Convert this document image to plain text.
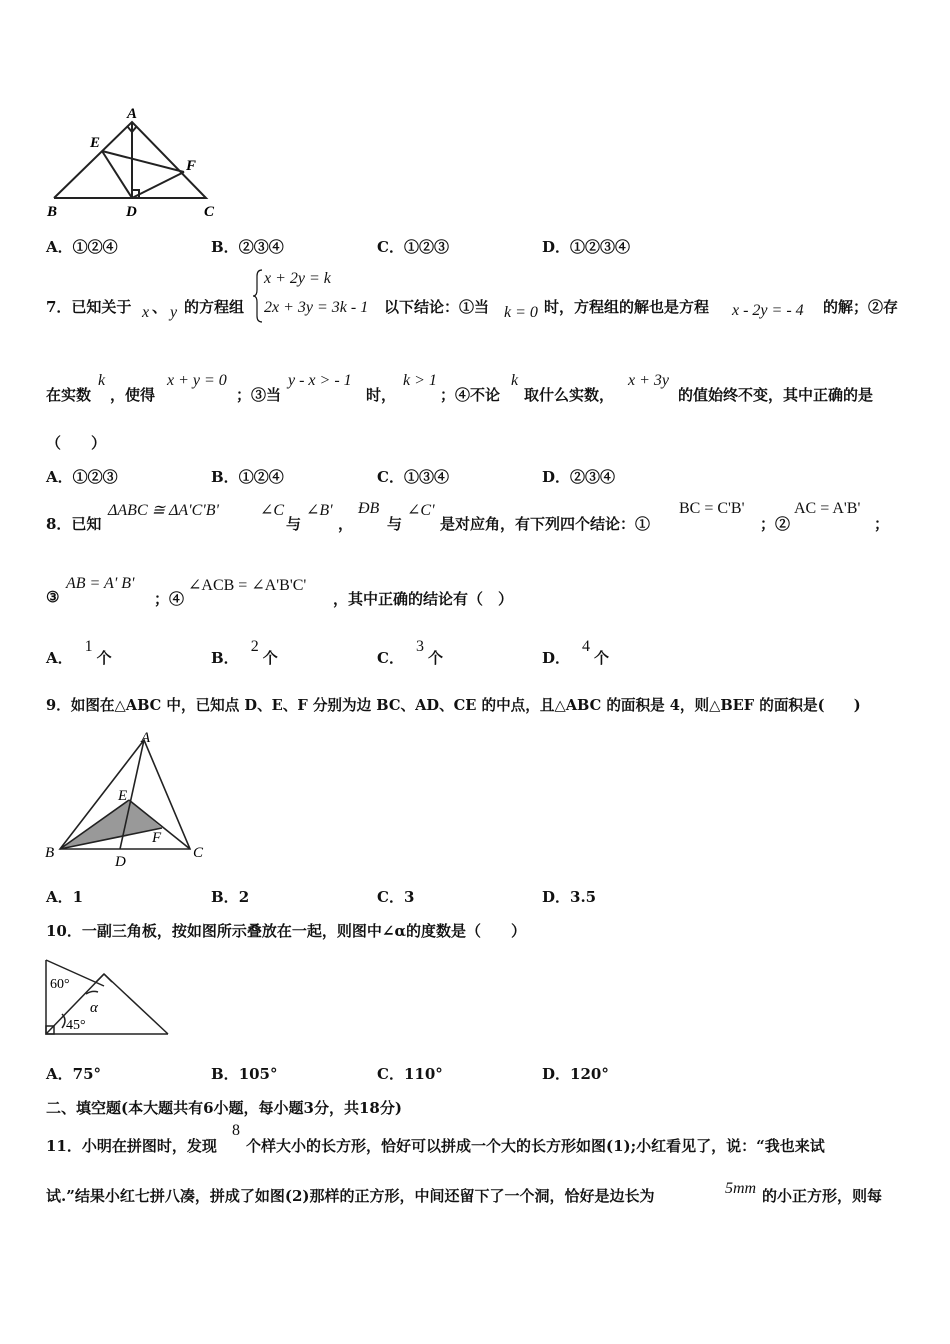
A
E
F
B	D	C
A．①②④	B．②③④	C．①②③	D．①②③④
7．已知关于 x 、 y 的方程组
x + 2y = k
2x + 3y = 3k - 1 以下结论：①当 k = 0 时，方程组的解也是方程 x - 2y = - 4 的解；②存
在实数
k
，使得
x + y = 0
；③当
y - x > - 1
时，
k > 1
；④不论
k
取什么实数，
x + 3y
的值始终不变，其中正确的是
（　　）
A．①②③	B．①②④	C．①③④	D．②③④
8．已知
ΔABC ≅ ΔA'C'B'	∠C
与
∠B'
，
ÐB
与
∠C'
是对应角，有下列四个结论：①
BC = C'B'
；②
AC = A'B'
；
③
AB = A' B'
；④
∠ACB = ∠A'B'C'
，其中正确的结论有（　）
A．1个	B．2个	C．3个	D．4个
9．如图在△ABC 中，已知点 D、E、F 分别为边 BC、AD、CE 的中点，且△ABC 的面积是 4，则△BEF 的面积是(　　)
A
E
F
B
D
C
A．1	B．2	C．3	D．3.5
10．一副三角板，按如图所示叠放在一起，则图中∠α的度数是（　　）
60°
α
45°
A．75°	B．105°	C．110°	D．120°
二、填空题(本大题共有6小题，每小题3分，共18分)
11．小明在拼图时，发现
8
个样大小的长方形，恰好可以拼成一个大的长方形如图(1);小红看见了，说：“我也来试
试.”结果小红七拼八凑，拼成了如图(2)那样的正方形，中间还留下了一个洞，恰好是边长为	5mm 的小正方形，则每
